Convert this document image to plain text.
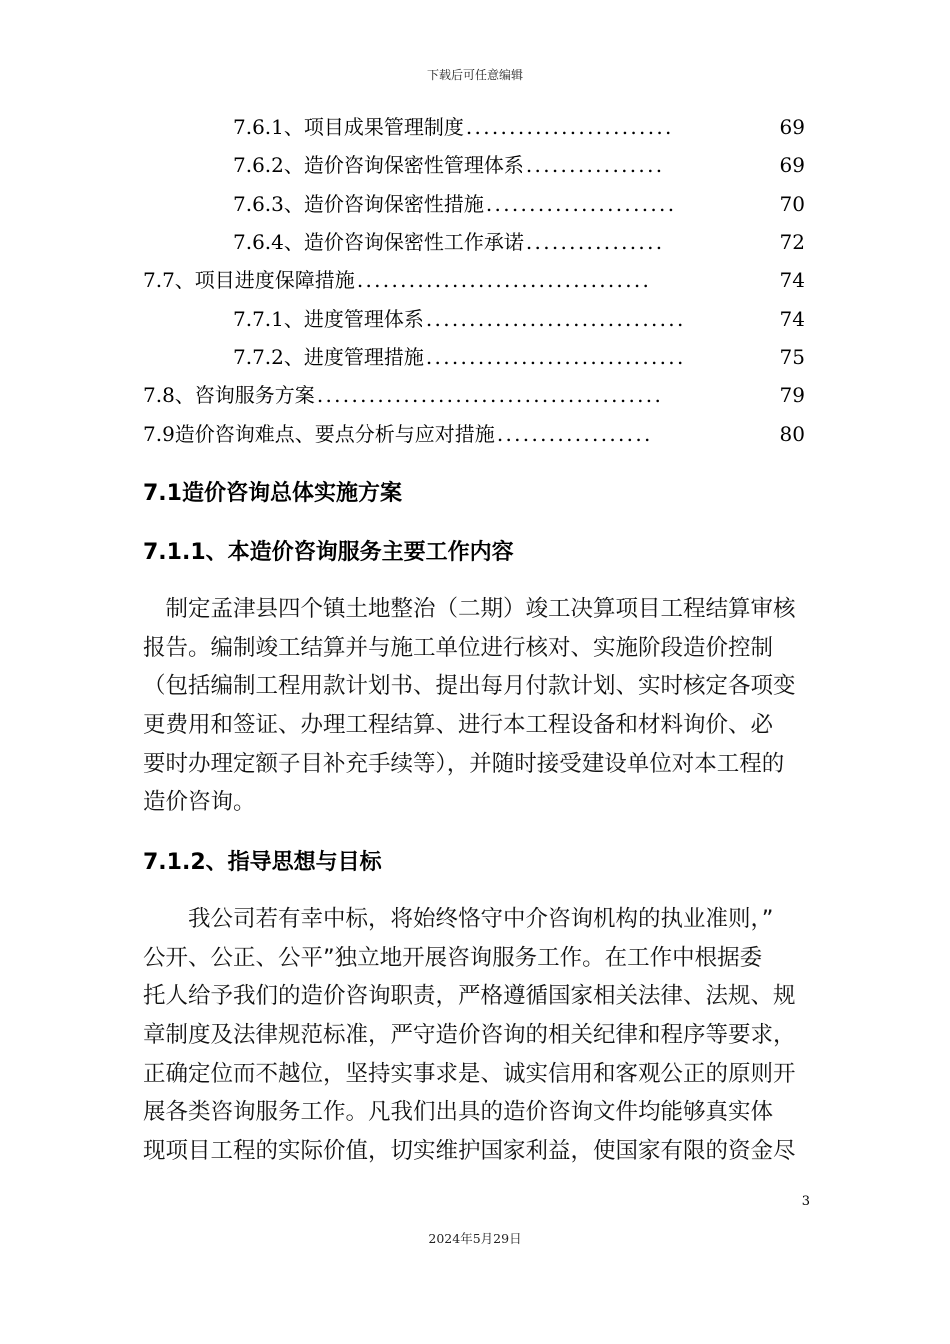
下载后可任意编辑
7.6.1、项目成果管理制度 ........................	69
7.6.2、造价咨询保密性管理体系 ................	69
7.6.3、造价咨询保密性措施 ......................	70
7.6.4、造价咨询保密性工作承诺 ................	72
7.7、项目进度保障措施 ..................................	74
7.7.1、进度管理体系 ..............................	74
7.7.2、进度管理措施 ..............................	75
7.8、咨询服务方案 ........................................	79
7.9造价咨询难点、要点分析与应对措施 ..................	80
7.1造价咨询总体实施方案
7.1.1、本造价咨询服务主要工作内容
　制定孟津县四个镇土地整治（二期）竣工决算项目工程结算审核
报告。编制竣工结算并与施工单位进行核对、实施阶段造价控制
（包括编制工程用款计划书、提出每月付款计划、实时核定各项变
更费用和签证、办理工程结算、进行本工程设备和材料询价、必
要时办理定额子目补充手续等），并随时接受建设单位对本工程的
造价咨询。
7.1.2、指导思想与目标
　　我公司若有幸中标，将始终恪守中介咨询机构的执业准则，”
公开、公正、公平”独立地开展咨询服务工作。在工作中根据委
托人给予我们的造价咨询职责，严格遵循国家相关法律、法规、规
章制度及法律规范标准，严守造价咨询的相关纪律和程序等要求，
正确定位而不越位，坚持实事求是、诚实信用和客观公正的原则开
展各类咨询服务工作。凡我们出具的造价咨询文件均能够真实体
现项目工程的实际价值，切实维护国家利益，使国家有限的资金尽
3
2024年5月29日
